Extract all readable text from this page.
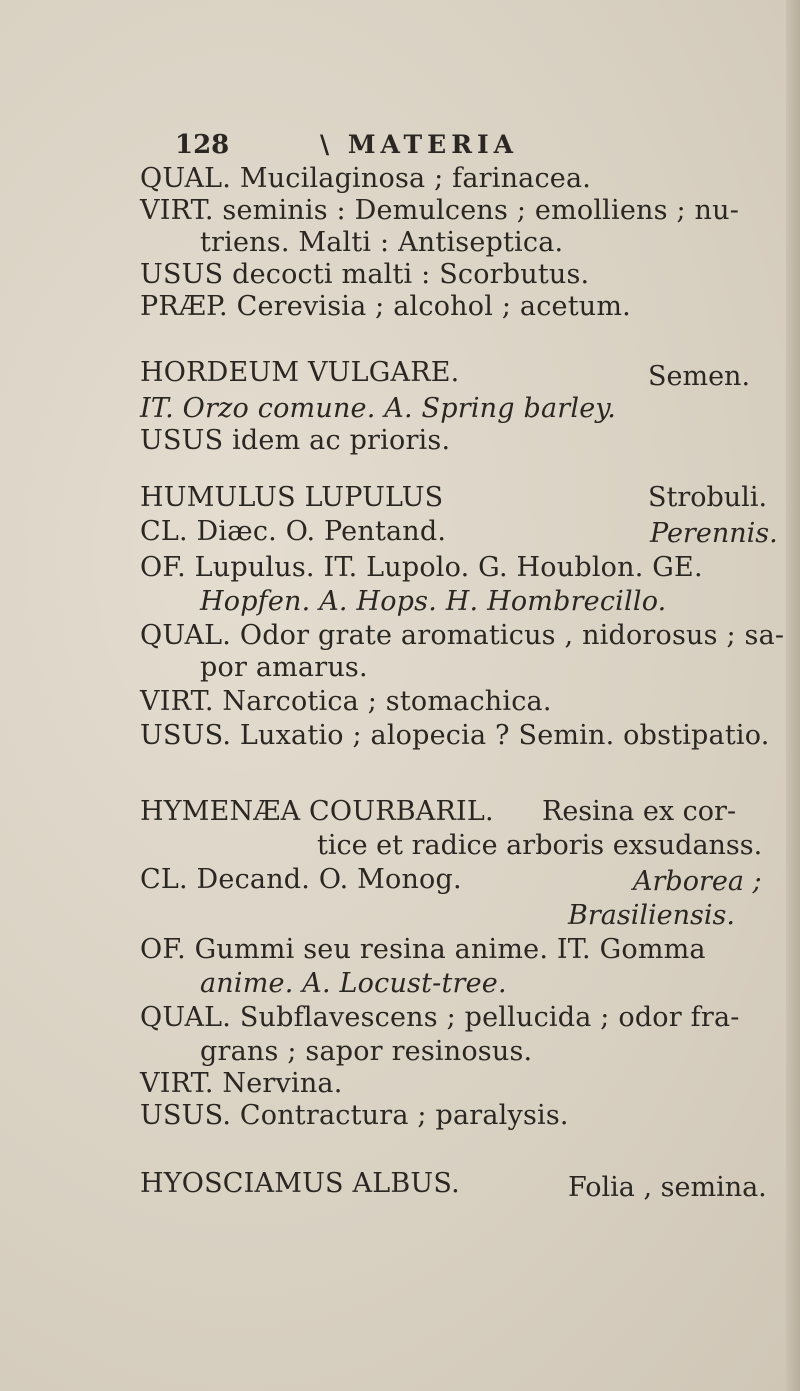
128	\ MATERIA
QUAL. Mucilaginosa ; farinacea.
VIRT. seminis : Demulcens ; emolliens ; nu-
triens. Malti : Antiseptica.
USUS decocti malti : Scorbutus.
PRÆP. Cerevisia ; alcohol ; acetum.
HORDEUM VULGARE.	Semen.
IT. Orzo comune. A. Spring barley.
USUS idem ac prioris.
HUMULUS LUPULUS	Strobuli.
CL. Diæc. O. Pentand.	Perennis.
OF. Lupulus. IT. Lupolo. G. Houblon. GE.
Hopfen. A. Hops. H. Hombrecillo.
QUAL. Odor grate aromaticus , nidorosus ; sa-
por amarus.
VIRT. Narcotica ; stomachica.
USUS. Luxatio ; alopecia ? Semin. obstipatio.
HYMENÆA COURBARIL. Resina ex cor-
tice et radice arboris exsudanss.
CL. Decand. O. Monog.	Arborea ;
Brasiliensis.
OF. Gummi seu resina anime. IT. Gomma
anime. A. Locust-tree.
QUAL. Subflavescens ; pellucida ; odor fra-
grans ; sapor resinosus.
VIRT. Nervina.
USUS. Contractura ; paralysis.
HYOSCIAMUS ALBUS.	Folia , semina.
